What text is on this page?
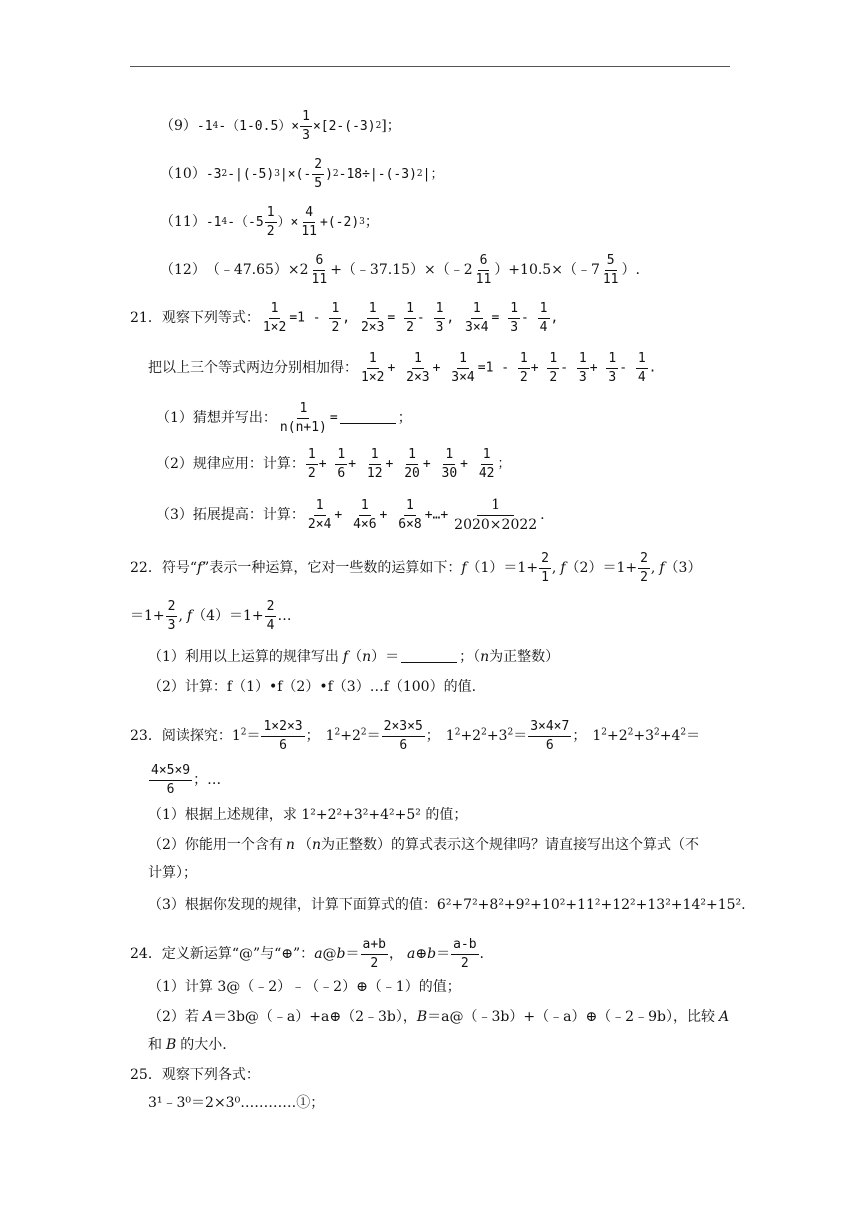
（9） -1 4 $-(1-0.5)\times \frac{1}{3} \times[2-(-3)$ 2 ]；
（10） -3 2 -|(-5) 3 |×(- $\frac{2}{5}$ ) 2 -18÷|-(-3) 2 |；
（11） -1 4 $-(-5 \frac{1}{2}$ ）× $\frac{4}{11} +(-2)$ 3 ；
（12） （﹣47.65）×2 $\frac{6}{11}$ +（﹣37.15）×（﹣2 $\frac{6}{11}$ ）+10.5×（﹣7 $\frac{5}{11}$ ）.
21．观察下列等式： $\frac{1}{1\times 2} =1 - \frac{1}{2}$ , $\frac{1}{2\times 3} = \frac{1}{2} - \frac{1}{3}$ , $\frac{1}{3\times 4} = \frac{1}{3} - \frac{1}{4}$ ,
把以上三个等式两边分别相加得： $\frac{1}{1\times 2} + \frac{1}{2\times 3} + \frac{1}{3\times 4} =1 - \frac{1}{2} + \frac{1}{2} - \frac{1}{3} + \frac{1}{3} - \frac{1}{4}$ .
（1）猜想并写出： $\frac{1}{n(n+1)}$ =	；
（2）规律应用：计算： $\frac{1}{2} + \frac{1}{6} + \frac{1}{12} + \frac{1}{20} + \frac{1}{30} + \frac{1}{42}$ ；
（3）拓展提高：计算： $\frac{1}{2\times 4} + \frac{1}{4\times 6} + \frac{1}{6\times 8}$ +…+ $\frac{1}{2020\times 2022}$ .
22．符号“ f ”表示一种运算，它对一些数的运算如下： $f(1)=1+ \frac{2}{1}$ , $f(2)=1+ \frac{2}{2}$ , f（3）
$=1+ \frac{2}{3}$ , $f(4)=1+ \frac{2}{4}$ …
（1）利用以上运算的规律写出 f （ n ）＝	；（ n 为正整数）
（2）计算：f（1）•f（2）•f（3）…f（100）的值.
23．阅读探究： $1^2= \frac{1\times 2\times 3}{6}$ ； $1^2+2^2= \frac{2\times 3\times 5}{6}$ ； $1^2+2^2+3^2= \frac{3\times 4\times 7}{6}$ ； $1^2+2^2+3^2+4^2=$
$\frac{4\times 5\times 9}{6}$ ；…
（1）根据上述规律，求 1²+2²+3²+4²+5² 的值；
（2）你能用一个含有 n （ n 为正整数）的算式表示这个规律吗？请直接写出这个算式（不
计算）；
（3）根据你发现的规律，计算下面算式的值：6²+7²+8²+9²+10²+11²+12²+13²+14²+15².
24．定义新运算“@”与“⊕”： a@b＝ $\frac{a+b}{2}$ ， a⊕b＝ $\frac{a-b}{2}$ .
（1）计算 3@（﹣2）﹣（﹣2）⊕（﹣1）的值；
（2）若 A ＝3b@（﹣a）+a⊕（2﹣3b）， B ＝a@（﹣3b）+（﹣a）⊕（﹣2﹣9b），比较 A
和 B 的大小.
25．观察下列各式：
3¹﹣3⁰＝2×3⁰…………①；
